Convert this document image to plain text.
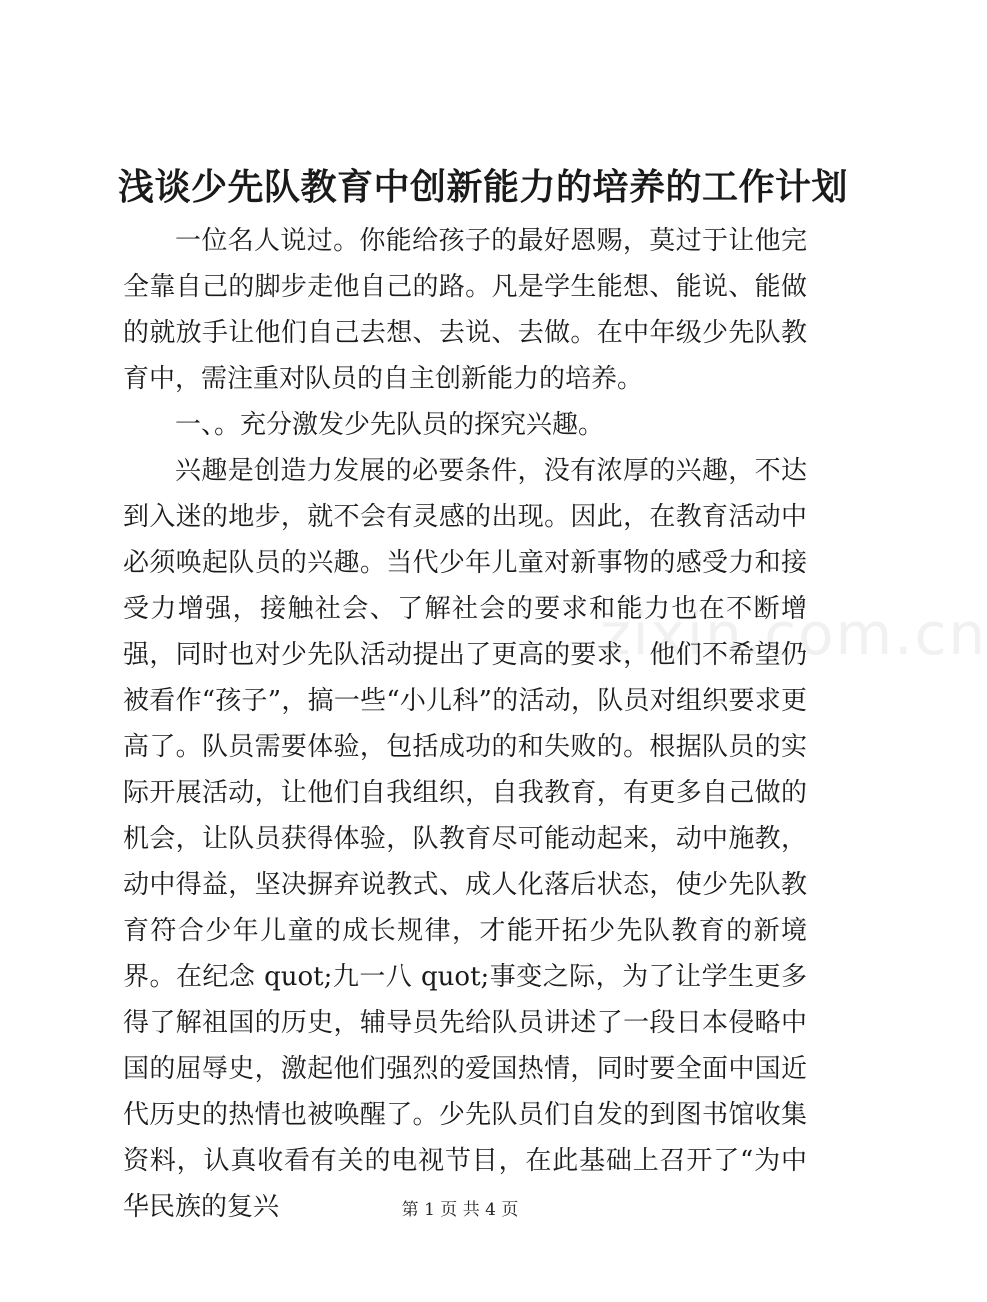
zixin.com.cn
浅谈少先队教育中创新能力的培养的工作计划

一位名人说过。你能给孩子的最好恩赐，莫过于让他完全靠自己的脚步走他自己的路。凡是学生能想、能说、能做的就放手让他们自己去想、去说、去做。在中年级少先队教育中，需注重对队员的自主创新能力的培养。

一、。充分激发少先队员的探究兴趣。

兴趣是创造力发展的必要条件，没有浓厚的兴趣，不达到入迷的地步，就不会有灵感的出现。因此，在教育活动中必须唤起队员的兴趣。当代少年儿童对新事物的感受力和接受力增强，接触社会、了解社会的要求和能力也在不断增强，同时也对少先队活动提出了更高的要求，他们不希望仍被看作“孩子”，搞一些“小儿科”的活动，队员对组织要求更高了。队员需要体验，包括成功的和失败的。根据队员的实际开展活动，让他们自我组织，自我教育，有更多自己做的机会，让队员获得体验，队教育尽可能动起来，动中施教，动中得益，坚决摒弃说教式、成人化落后状态，使少先队教育符合少年儿童的成长规律，才能开拓少先队教育的新境界。在纪念 quot;九一八 quot;事变之际，为了让学生更多得了解祖国的历史，辅导员先给队员讲述了一段日本侵略中国的屈辱史，激起他们强烈的爱国热情，同时要全面中国近代历史的热情也被唤醒了。少先队员们自发的到图书馆收集资料，认真收看有关的电视节目，在此基础上召开了“为中华民族的复兴	第 1 页 共 4 页
